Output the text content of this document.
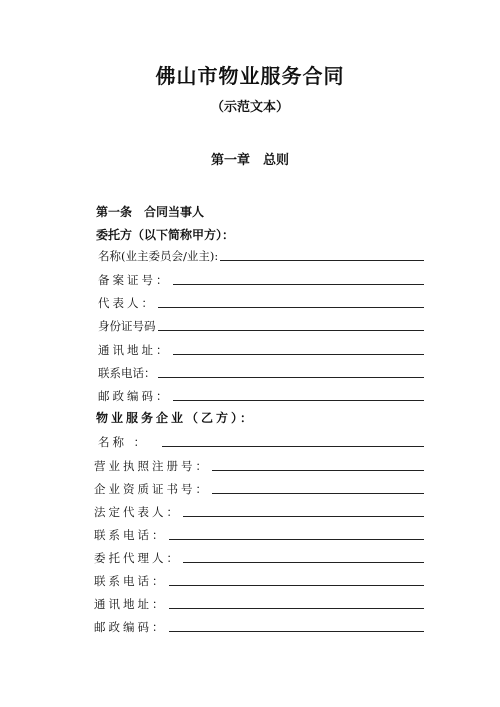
佛山市物业服务合同
（示范文本）
第一章　总则
第一条　合同当事人
委托方（以下简称甲方）：
名称(业主委员会/业主):
备案证号：
代表人：
身份证号码
通讯地址：
联系电话：
邮政编码：
物业服务企业（乙方）：
名称 ：
营业执照注册号：
企业资质证书号：
法定代表人：
联系电话：
委托代理人：
联系电话：
通讯地址：
邮政编码：
